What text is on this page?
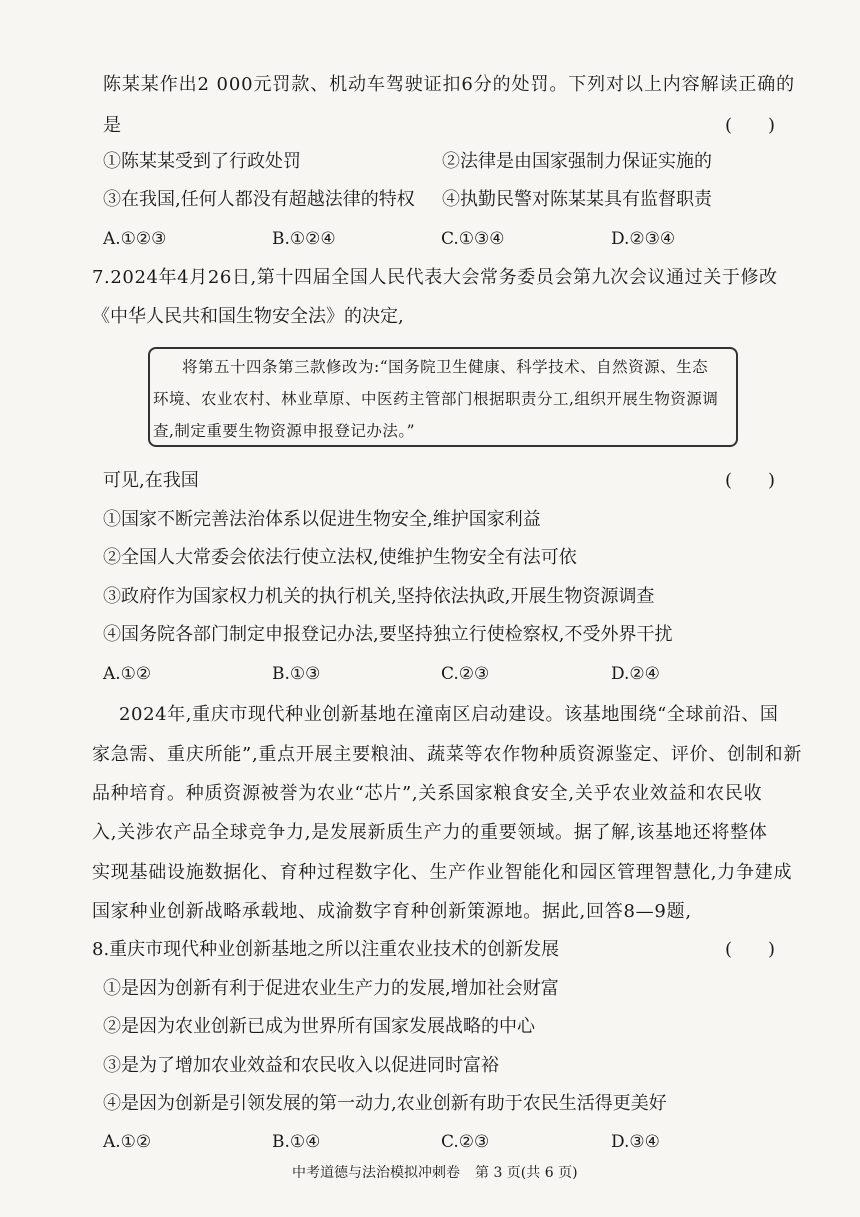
陈某某作出2 000元罚款、机动车驾驶证扣6分的处罚。下列对以上内容解读正确的
是	(　　)
①陈某某受到了行政处罚	②法律是由国家强制力保证实施的
③在我国,任何人都没有超越法律的特权 ④执勤民警对陈某某具有监督职责
A.①②③	B.①②④	C.①③④	D.②③④
7.2024年4月26日,第十四届全国人民代表大会常务委员会第九次会议通过关于修改
《中华人民共和国生物安全法》的决定,
将第五十四条第三款修改为:“国务院卫生健康、科学技术、自然资源、生态
环境、农业农村、林业草原、中医药主管部门根据职责分工,组织开展生物资源调
查,制定重要生物资源申报登记办法。”
可见,在我国	(　　)
①国家不断完善法治体系以促进生物安全,维护国家利益
②全国人大常委会依法行使立法权,使维护生物安全有法可依
③政府作为国家权力机关的执行机关,坚持依法执政,开展生物资源调查
④国务院各部门制定申报登记办法,要坚持独立行使检察权,不受外界干扰
A.①②	B.①③	C.②③	D.②④
2024年,重庆市现代种业创新基地在潼南区启动建设。该基地围绕“全球前沿、国
家急需、重庆所能”,重点开展主要粮油、蔬菜等农作物种质资源鉴定、评价、创制和新
品种培育。种质资源被誉为农业“芯片”,关系国家粮食安全,关乎农业效益和农民收
入,关涉农产品全球竞争力,是发展新质生产力的重要领域。据了解,该基地还将整体
实现基础设施数据化、育种过程数字化、生产作业智能化和园区管理智慧化,力争建成
国家种业创新战略承载地、成渝数字育种创新策源地。据此,回答8—9题,
8.重庆市现代种业创新基地之所以注重农业技术的创新发展	(　　)
①是因为创新有利于促进农业生产力的发展,增加社会财富
②是因为农业创新已成为世界所有国家发展战略的中心
③是为了增加农业效益和农民收入以促进同时富裕
④是因为创新是引领发展的第一动力,农业创新有助于农民生活得更美好
A.①②	B.①④	C.②③	D.③④
中考道德与法治模拟冲刺卷 第 3 页(共 6 页)
